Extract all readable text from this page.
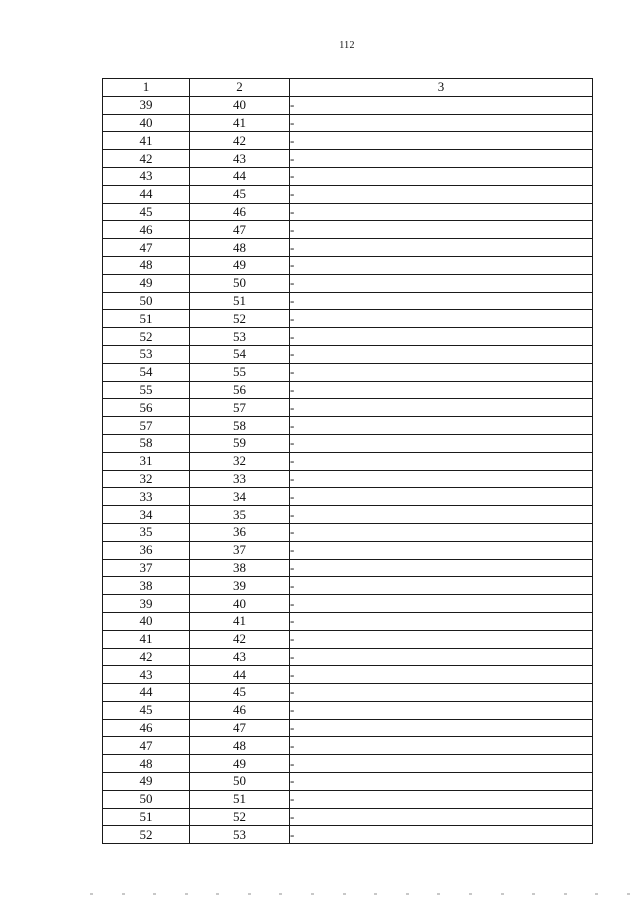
112
1	2	3
39	40	-
40	41	-
41	42	-
42	43	-
43	44	-
44	45	-
45	46	-
46	47	-
47	48	-
48	49	-
49	50	-
50	51	-
51	52	-
52	53	-
53	54	-
54	55	-
55	56	-
56	57	-
57	58	-
58	59	-
31	32	-
32	33	-
33	34	-
34	35	-
35	36	-
36	37	-
37	38	-
38	39	-
39	40	-
40	41	-
41	42	-
42	43	-
43	44	-
44	45	-
45	46	-
46	47	-
47	48	-
48	49	-
49	50	-
50	51	-
51	52	-
52	53	-
